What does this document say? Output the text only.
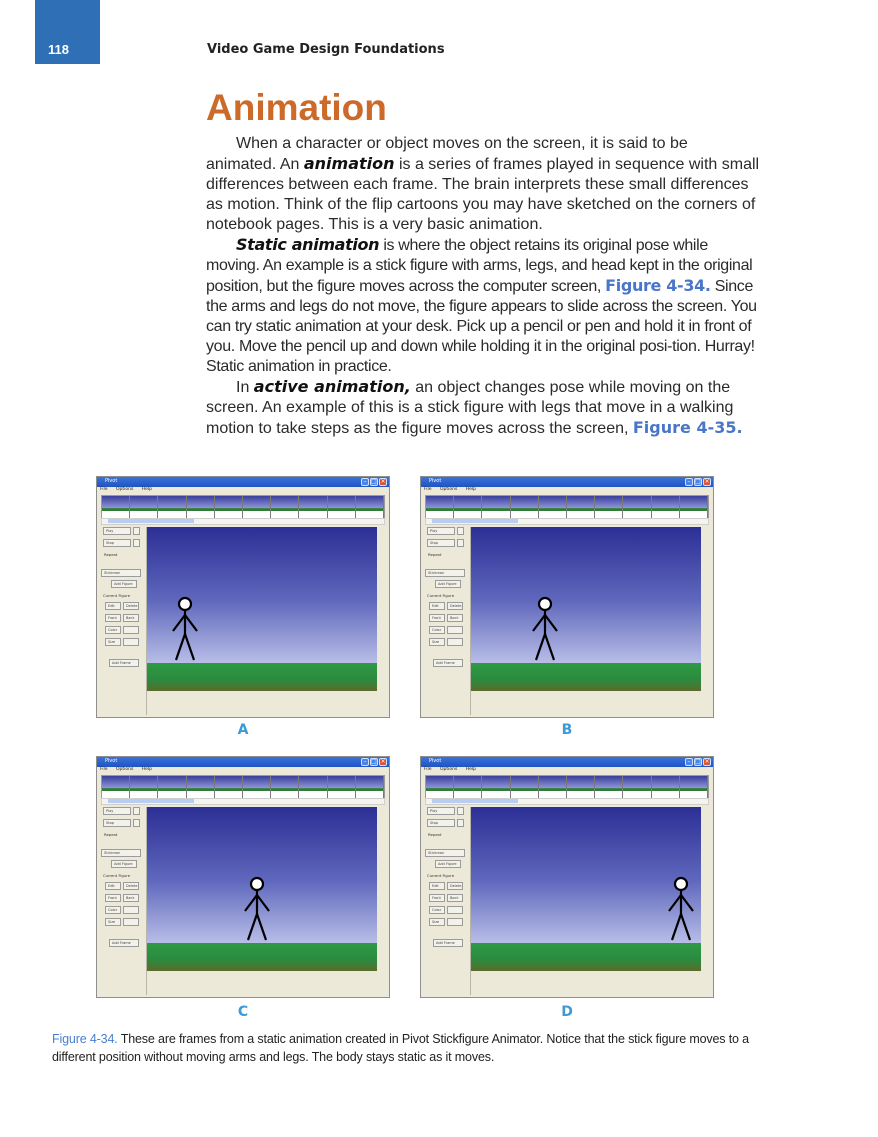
118	Video Game Design Foundations
Animation

When a character or object moves on the screen, it is said to be animated. An animation is a series of frames played in sequence with small differences between each frame. The brain interprets these small differences as motion. Think of the flip cartoons you may have sketched on the corners of notebook pages. This is a very basic animation.

Static animation is where the object retains its original pose while moving. An example is a stick figure with arms, legs, and head kept in the original position, but the figure moves across the computer screen, Figure 4-34. Since the arms and legs do not move, the figure appears to slide across the screen. You can try static animation at your desk. Pick up a pencil or pen and hold it in front of you. Move the pencil up and down while holding it in the original posi-tion. Hurray! Static animation in practice.

In active animation, an object changes pose while moving on the screen. An example of this is a stick figure with legs that move in a walking motion to take steps as the figure moves across the screen, Figure 4-35.

Pivot	– □ ×
File Options Help
Play
Stop
Repeat
Stickman
Add Figure
Current Figure
Edit	Delete
Front	Back
Color
Size
Add Frame
A
Pivot	– □ ×
File Options Help
Play
Stop
Repeat
Stickman
Add Figure
Current Figure
Edit	Delete
Front	Back
Color
Size
Add Frame
B
Pivot	– □ ×
File Options Help
Play
Stop
Repeat
Stickman
Add Figure
Current Figure
Edit	Delete
Front	Back
Color
Size
Add Frame
C
Pivot	– □ ×
File Options Help
Play
Stop
Repeat
Stickman
Add Figure
Current Figure
Edit	Delete
Front	Back
Color
Size
Add Frame
D
Figure 4-34. These are frames from a static animation created in Pivot Stickfigure Animator. Notice that the stick figure moves to a different position without moving arms and legs. The body stays static as it moves.
